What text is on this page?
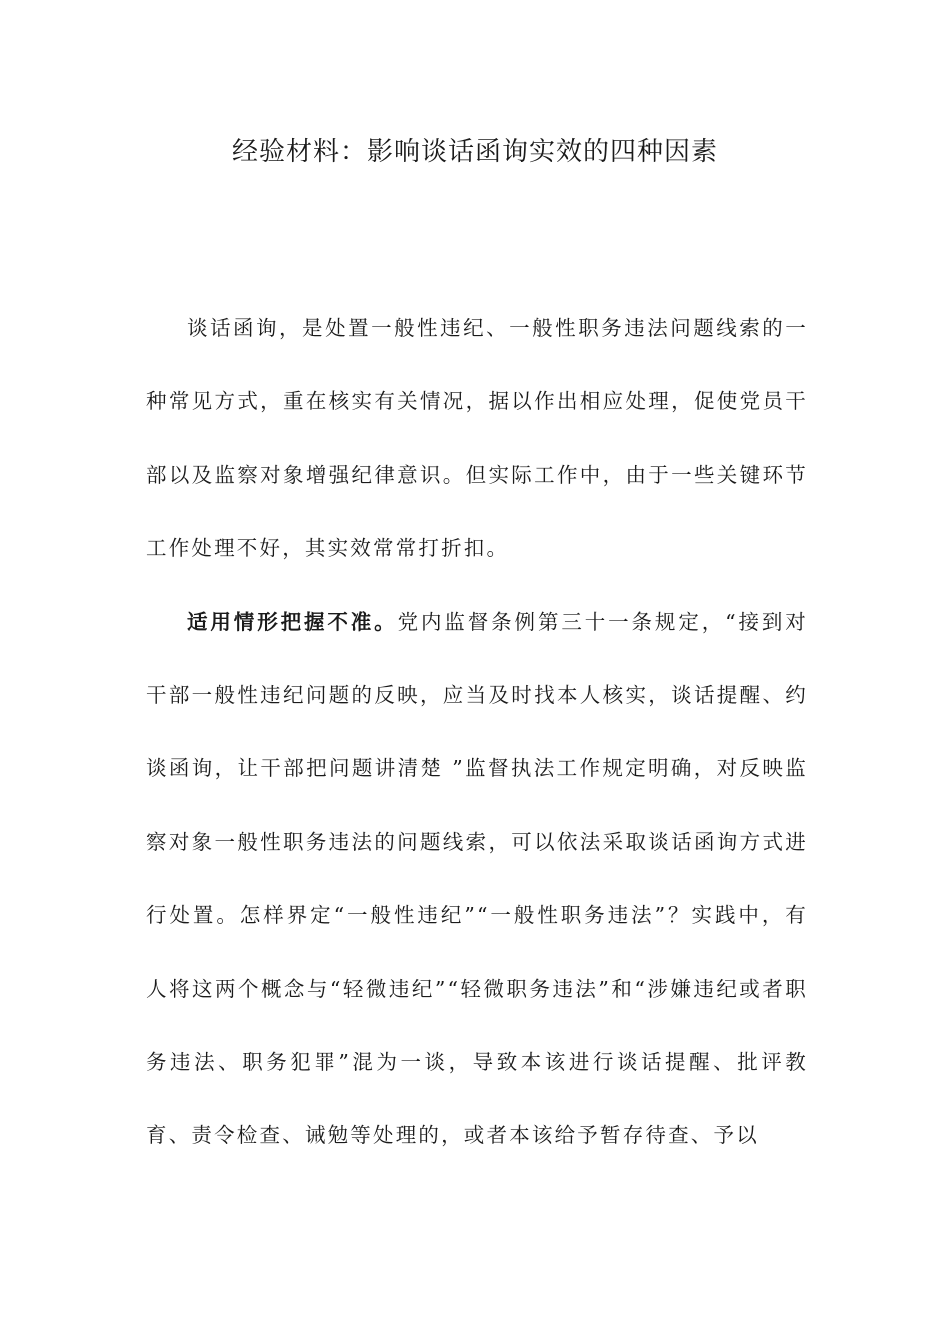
经验材料：影响谈话函询实效的四种因素

谈话函询，是处置一般性违纪、一般性职务违法问题线索的一种常见方式，重在核实有关情况，据以作出相应处理，促使党员干部以及监察对象增强纪律意识。但实际工作中，由于一些关键环节工作处理不好，其实效常常打折扣。

适用情形把握不准。党内监督条例第三十一条规定，“接到对干部一般性违纪问题的反映，应当及时找本人核实，谈话提醒、约谈函询，让干部把问题讲清楚 ”监督执法工作规定明确，对反映监察对象一般性职务违法的问题线索，可以依法采取谈话函询方式进行处置。怎样界定“一般性违纪”“一般性职务违法”？实践中，有人将这两个概念与“轻微违纪”“轻微职务违法”和“涉嫌违纪或者职务违法、职务犯罪”混为一谈，导致本该进行谈话提醒、批评教育、责令检查、诫勉等处理的，或者本该给予暂存待查、予以
